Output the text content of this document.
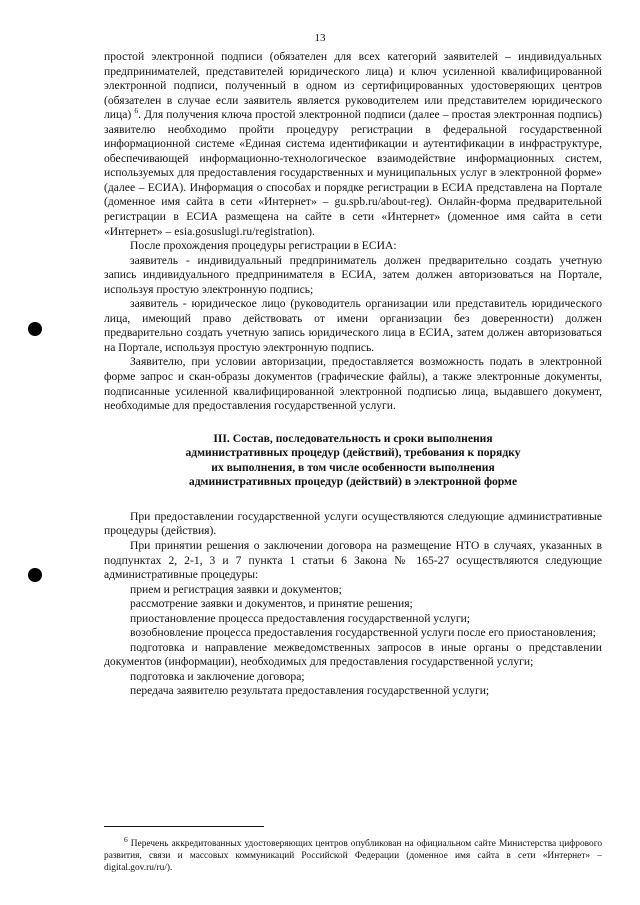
13

простой электронной подписи (обязателен для всех категорий заявителей – индивидуальных предпринимателей, представителей юридического лица) и ключ усиленной квалифицированной электронной подписи, полученный в одном из сертифицированных удостоверяющих центров (обязателен в случае если заявитель является руководителем или представителем юридического лица) $^6$. Для получения ключа простой электронной подписи (далее – простая электронная подпись) заявителю необходимо пройти процедуру регистрации в федеральной государственной информационной системе «Единая система идентификации и аутентификации в инфраструктуре, обеспечивающей информационно-технологическое взаимодействие информационных систем, используемых для предоставления государственных и муниципальных услуг в электронной форме» (далее – ЕСИА). Информация о способах и порядке регистрации в ЕСИА представлена на Портале (доменное имя сайта в сети «Интернет» – gu.spb.ru/about-reg). Онлайн-форма предварительной регистрации в ЕСИА размещена на сайте в сети «Интернет» (доменное имя сайта в сети «Интернет» – esia.gosuslugi.ru/registration).

После прохождения процедуры регистрации в ЕСИА:

заявитель - индивидуальный предприниматель должен предварительно создать учетную запись индивидуального предпринимателя в ЕСИА, затем должен авторизоваться на Портале, используя простую электронную подпись;

заявитель - юридическое лицо (руководитель организации или представитель юридического лица, имеющий право действовать от имени организации без доверенности) должен предварительно создать учетную запись юридического лица в ЕСИА, затем должен авторизоваться на Портале, используя простую электронную подпись.

Заявителю, при условии авторизации, предоставляется возможность подать в электронной форме запрос и скан-образы документов (графические файлы), а также электронные документы, подписанные усиленной квалифицированной электронной подписью лица, выдавшего документ, необходимые для предоставления государственной услуги.

III. Состав, последовательность и сроки выполнения
административных процедур (действий), требования к порядку
их выполнения, в том числе особенности выполнения
административных процедур (действий) в электронной форме

При предоставлении государственной услуги осуществляются следующие административные процедуры (действия).

При принятии решения о заключении договора на размещение НТО в случаях, указанных в подпунктах 2, 2-1, 3 и 7 пункта 1 статьи 6 Закона № 165-27 осуществляются следующие административные процедуры:

прием и регистрация заявки и документов;

рассмотрение заявки и документов, и принятие решения;

приостановление процесса предоставления государственной услуги;

возобновление процесса предоставления государственной услуги после его приостановления;

подготовка и направление межведомственных запросов в иные органы о представлении документов (информации), необходимых для предоставления государственной услуги;

подготовка и заключение договора;

передача заявителю результата предоставления государственной услуги;

$^6$ Перечень аккредитованных удостоверяющих центров опубликован на официальном сайте Министерства цифрового развития, связи и массовых коммуникаций Российской Федерации (доменное имя сайта в сети «Интернет» – digital.gov.ru/ru/).
